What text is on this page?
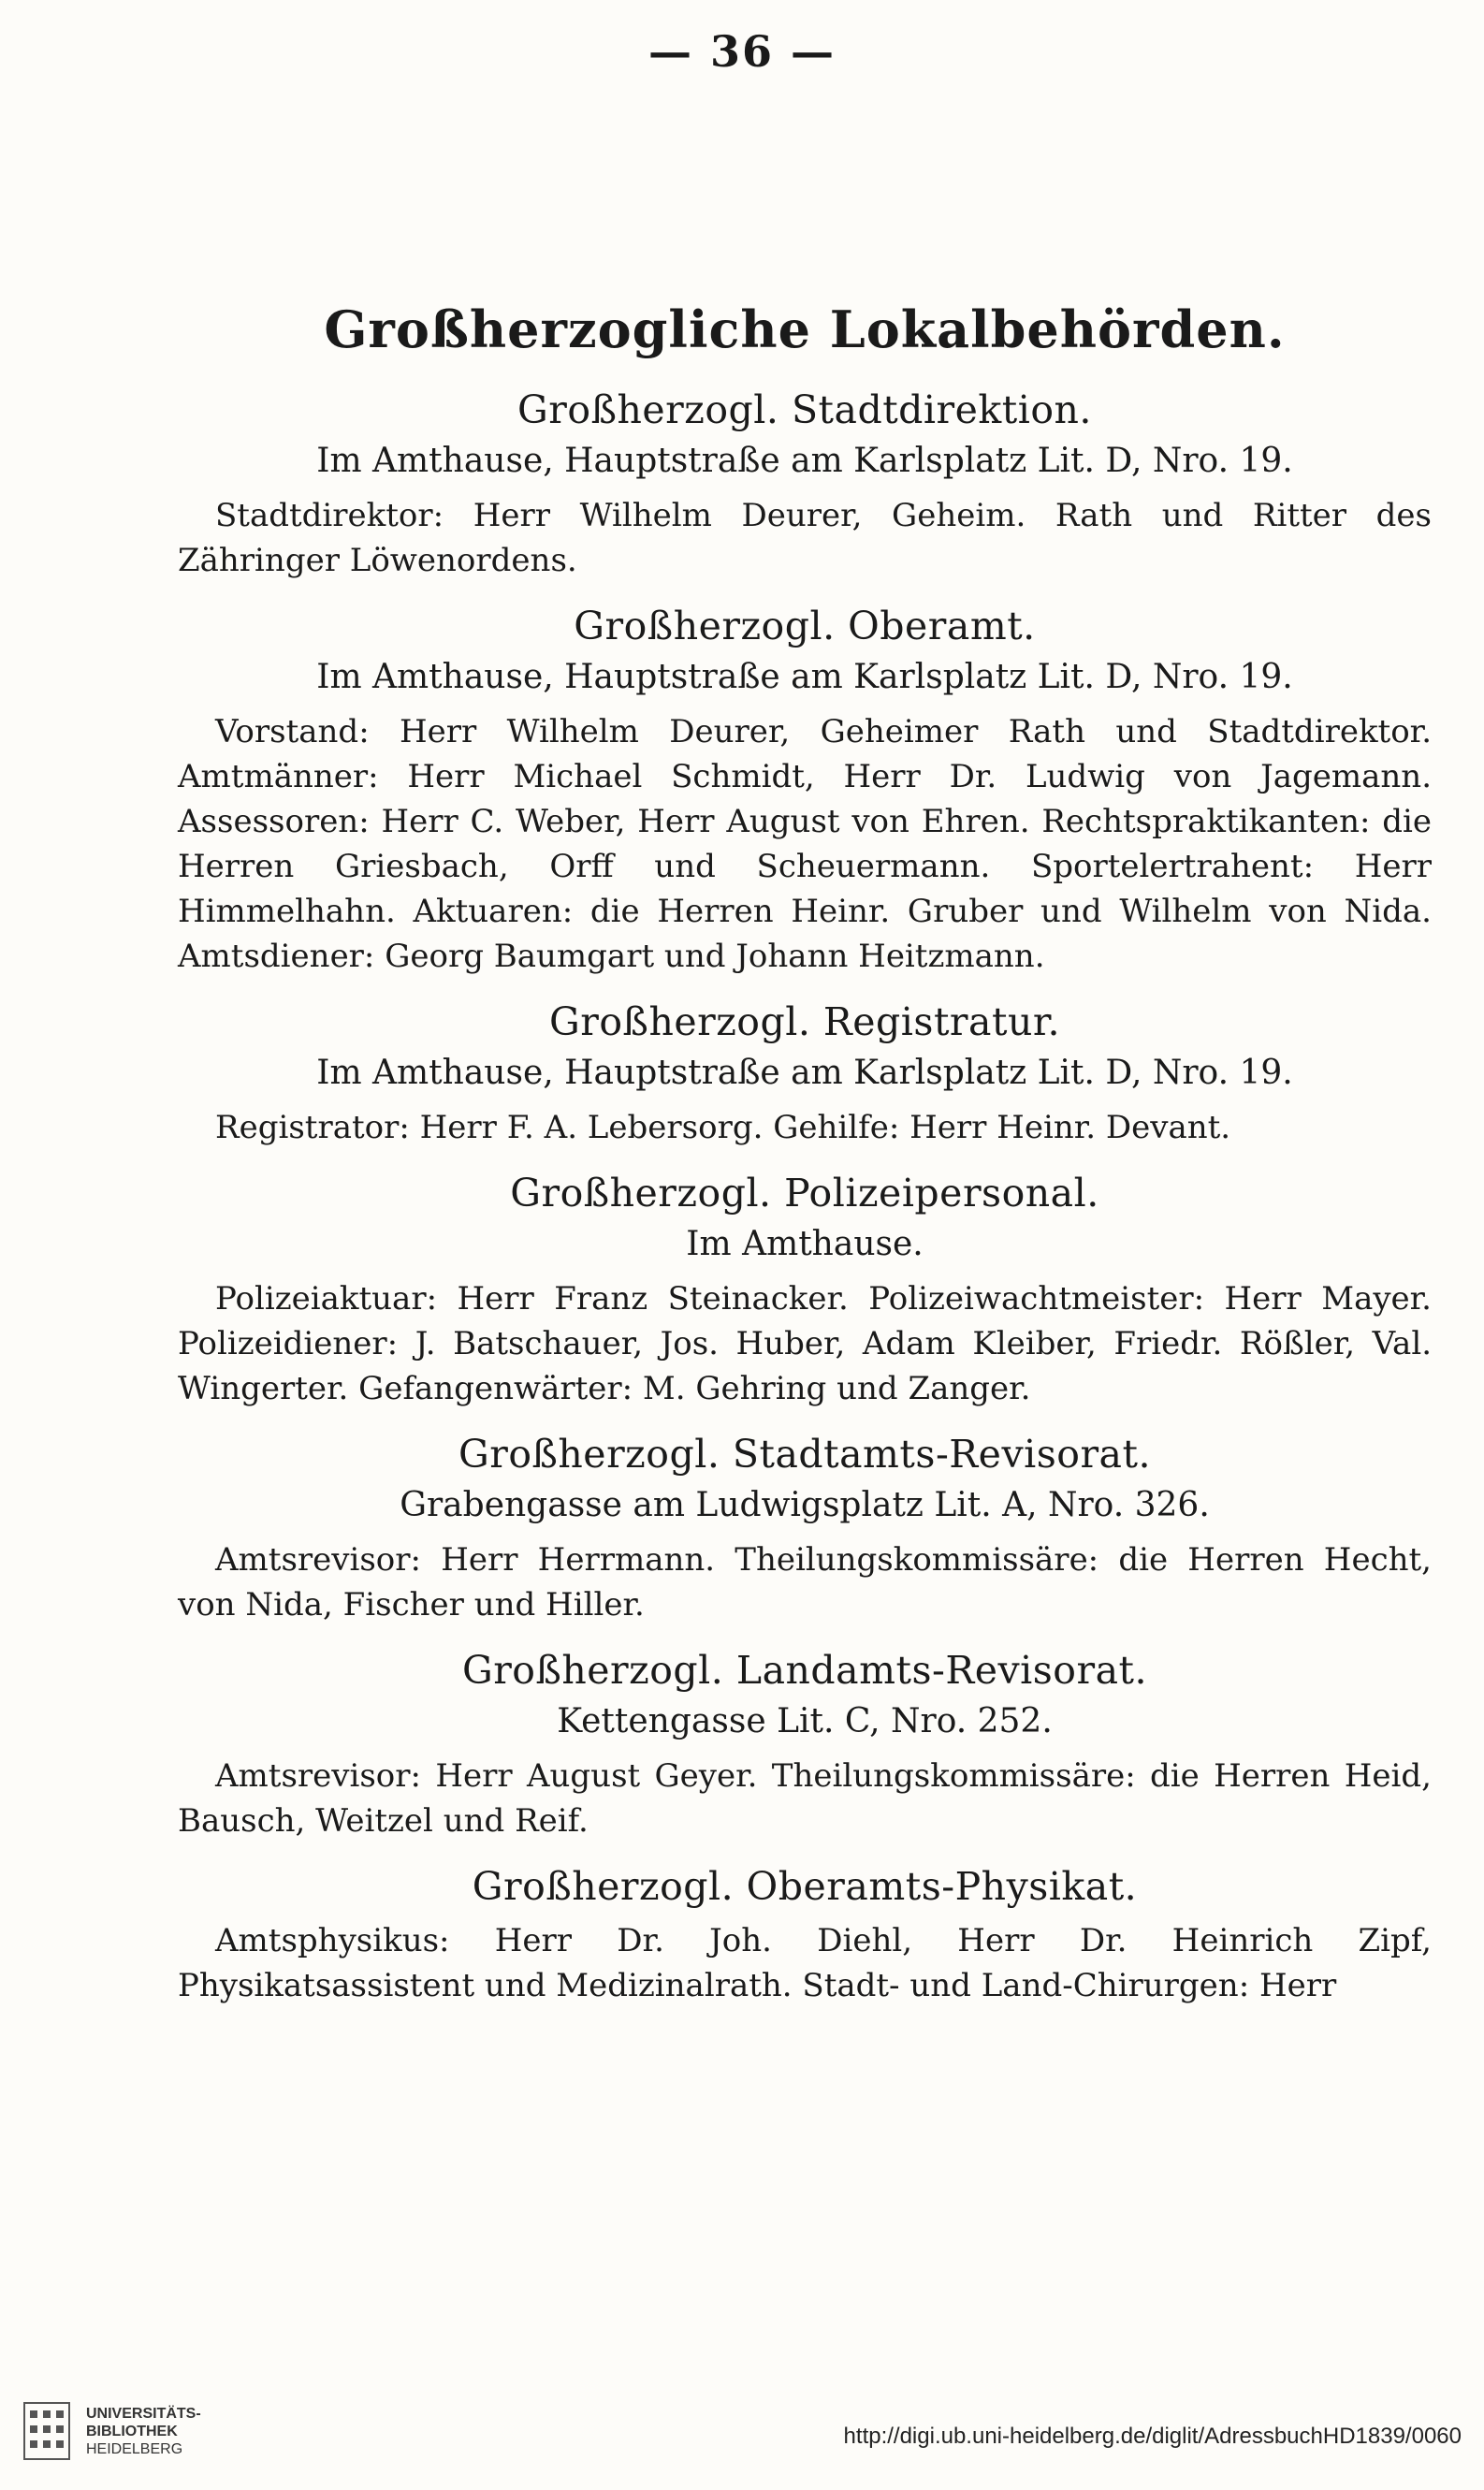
— 36 —
Großherzogliche Lokalbehörden.
Großherzogl. Stadtdirektion.
Im Amthause, Hauptstraße am Karlsplatz Lit. D, Nro. 19.

Stadtdirektor: Herr Wilhelm Deurer, Geheim. Rath und Ritter des Zähringer Löwenordens.

Großherzogl. Oberamt.
Im Amthause, Hauptstraße am Karlsplatz Lit. D, Nro. 19.

Vorstand: Herr Wilhelm Deurer, Geheimer Rath und Stadtdirektor. Amtmänner: Herr Michael Schmidt, Herr Dr. Ludwig von Jagemann. Assessoren: Herr C. Weber, Herr August von Ehren. Rechtspraktikanten: die Herren Griesbach, Orff und Scheuermann. Sportelertrahent: Herr Himmelhahn. Aktuaren: die Herren Heinr. Gruber und Wilhelm von Nida. Amtsdiener: Georg Baumgart und Johann Heitzmann.

Großherzogl. Registratur.
Im Amthause, Hauptstraße am Karlsplatz Lit. D, Nro. 19.

Registrator: Herr F. A. Lebersorg. Gehilfe: Herr Heinr. Devant.

Großherzogl. Polizeipersonal.
Im Amthause.

Polizeiaktuar: Herr Franz Steinacker. Polizeiwachtmeister: Herr Mayer. Polizeidiener: J. Batschauer, Jos. Huber, Adam Kleiber, Friedr. Rößler, Val. Wingerter. Gefangenwärter: M. Gehring und Zanger.

Großherzogl. Stadtamts-Revisorat.
Grabengasse am Ludwigsplatz Lit. A, Nro. 326.

Amtsrevisor: Herr Herrmann. Theilungskommissäre: die Herren Hecht, von Nida, Fischer und Hiller.

Großherzogl. Landamts-Revisorat.
Kettengasse Lit. C, Nro. 252.

Amtsrevisor: Herr August Geyer. Theilungskommissäre: die Herren Heid, Bausch, Weitzel und Reif.

Großherzogl. Oberamts-Physikat.

Amtsphysikus: Herr Dr. Joh. Diehl, Herr Dr. Heinrich Zipf, Physikatsassistent und Medizinalrath. Stadt- und Land-Chirurgen: Herr

UNIVERSITÄTS-
BIBLIOTHEK
HEIDELBERG	http://digi.ub.uni-heidelberg.de/diglit/AdressbuchHD1839/0060
